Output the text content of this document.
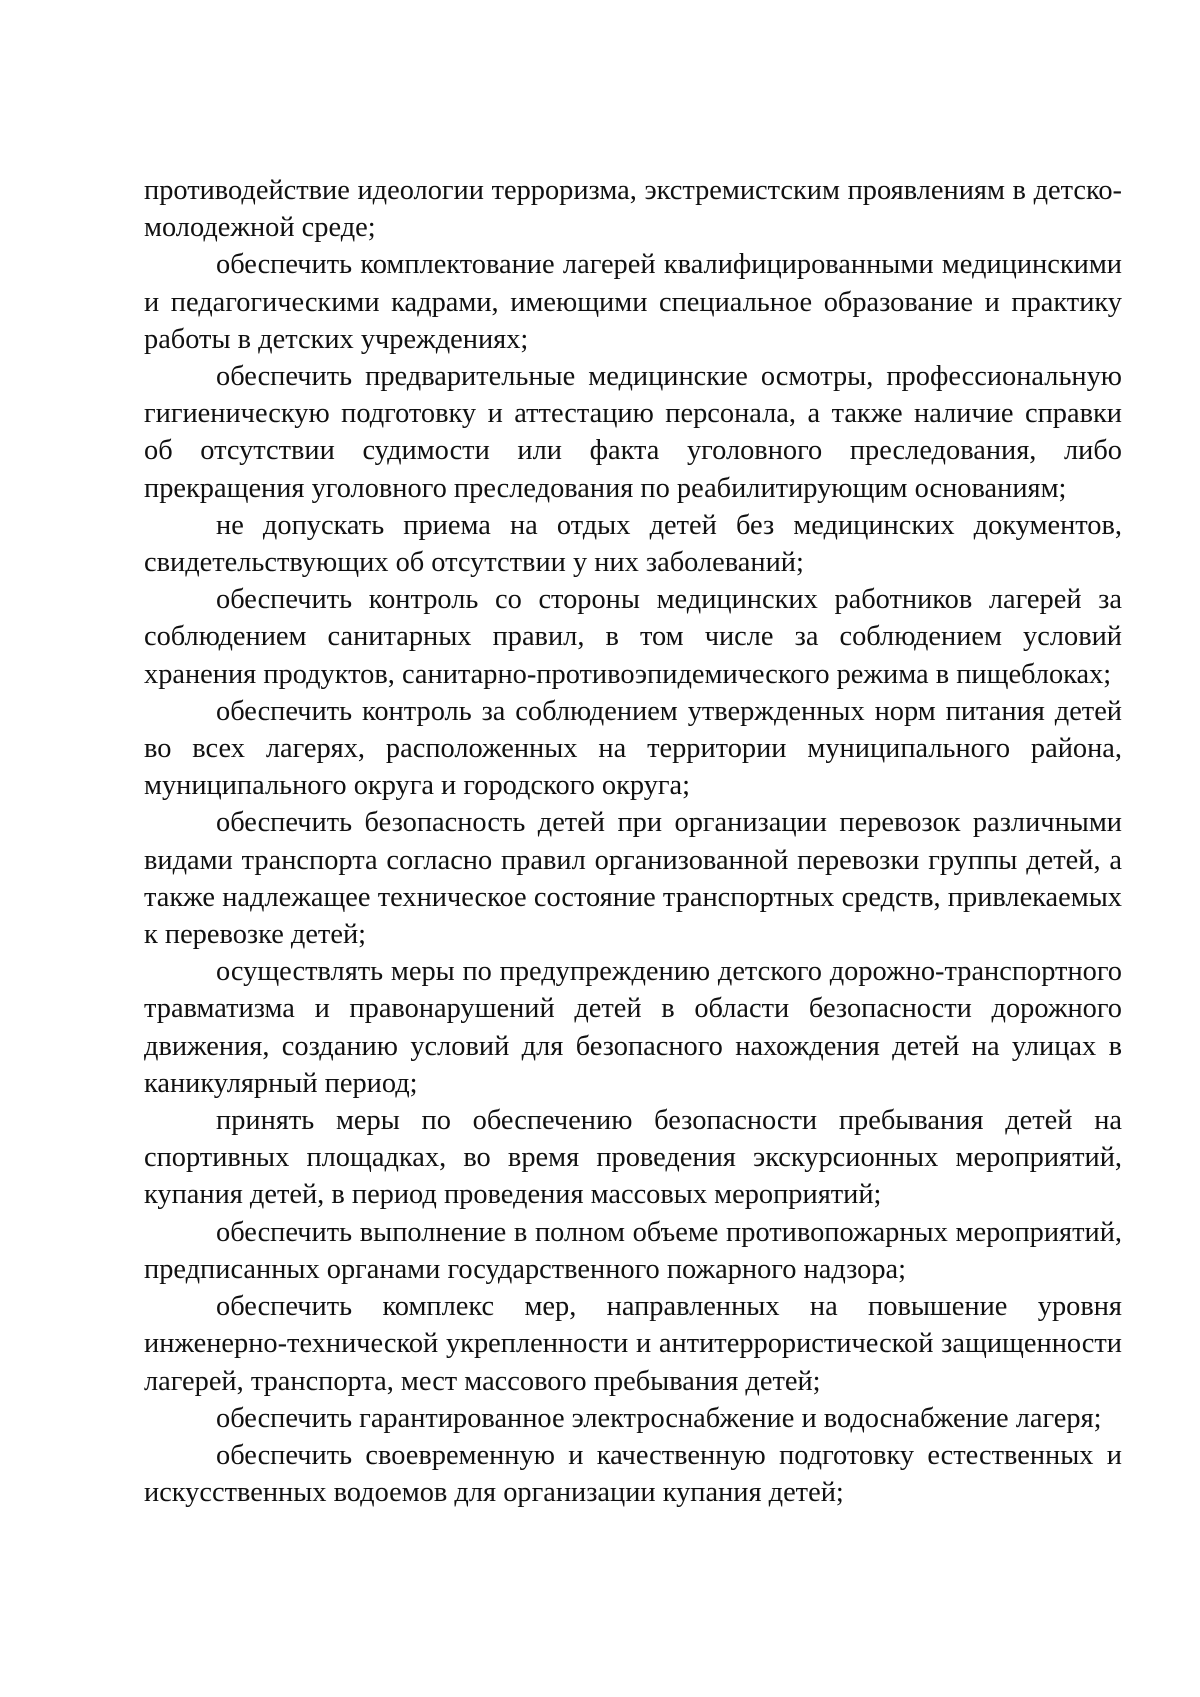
противодействие идеологии терроризма, экстремистским проявлениям в детско-молодежной среде;

обеспечить комплектование лагерей квалифицированными медицинскими и педагогическими кадрами, имеющими специальное образование и практику работы в детских учреждениях;

обеспечить предварительные медицинские осмотры, профессиональную гигиеническую подготовку и аттестацию персонала, а также наличие справки об отсутствии судимости или факта уголовного преследования, либо прекращения уголовного преследования по реабилитирующим основаниям;

не допускать приема на отдых детей без медицинских документов, свидетельствующих об отсутствии у них заболеваний;

обеспечить контроль со стороны медицинских работников лагерей за соблюдением санитарных правил, в том числе за соблюдением условий хранения продуктов, санитарно-противоэпидемического режима в пищеблоках;

обеспечить контроль за соблюдением утвержденных норм питания детей во всех лагерях, расположенных на территории муниципального района, муниципального округа и городского округа;

обеспечить безопасность детей при организации перевозок различными видами транспорта согласно правил организованной перевозки группы детей, а также надлежащее техническое состояние транспортных средств, привлекаемых к перевозке детей;

осуществлять меры по предупреждению детского дорожно-транспортного травматизма и правонарушений детей в области безопасности дорожного движения, созданию условий для безопасного нахождения детей на улицах в каникулярный период;

принять меры по обеспечению безопасности пребывания детей на спортивных площадках, во время проведения экскурсионных мероприятий, купания детей, в период проведения массовых мероприятий;

обеспечить выполнение в полном объеме противопожарных мероприятий, предписанных органами государственного пожарного надзора;

обеспечить комплекс мер, направленных на повышение уровня инженерно-технической укрепленности и антитеррористической защищенности лагерей, транспорта, мест массового пребывания детей;

обеспечить гарантированное электроснабжение и водоснабжение лагеря;

обеспечить своевременную и качественную подготовку естественных и искусственных водоемов для организации купания детей;
